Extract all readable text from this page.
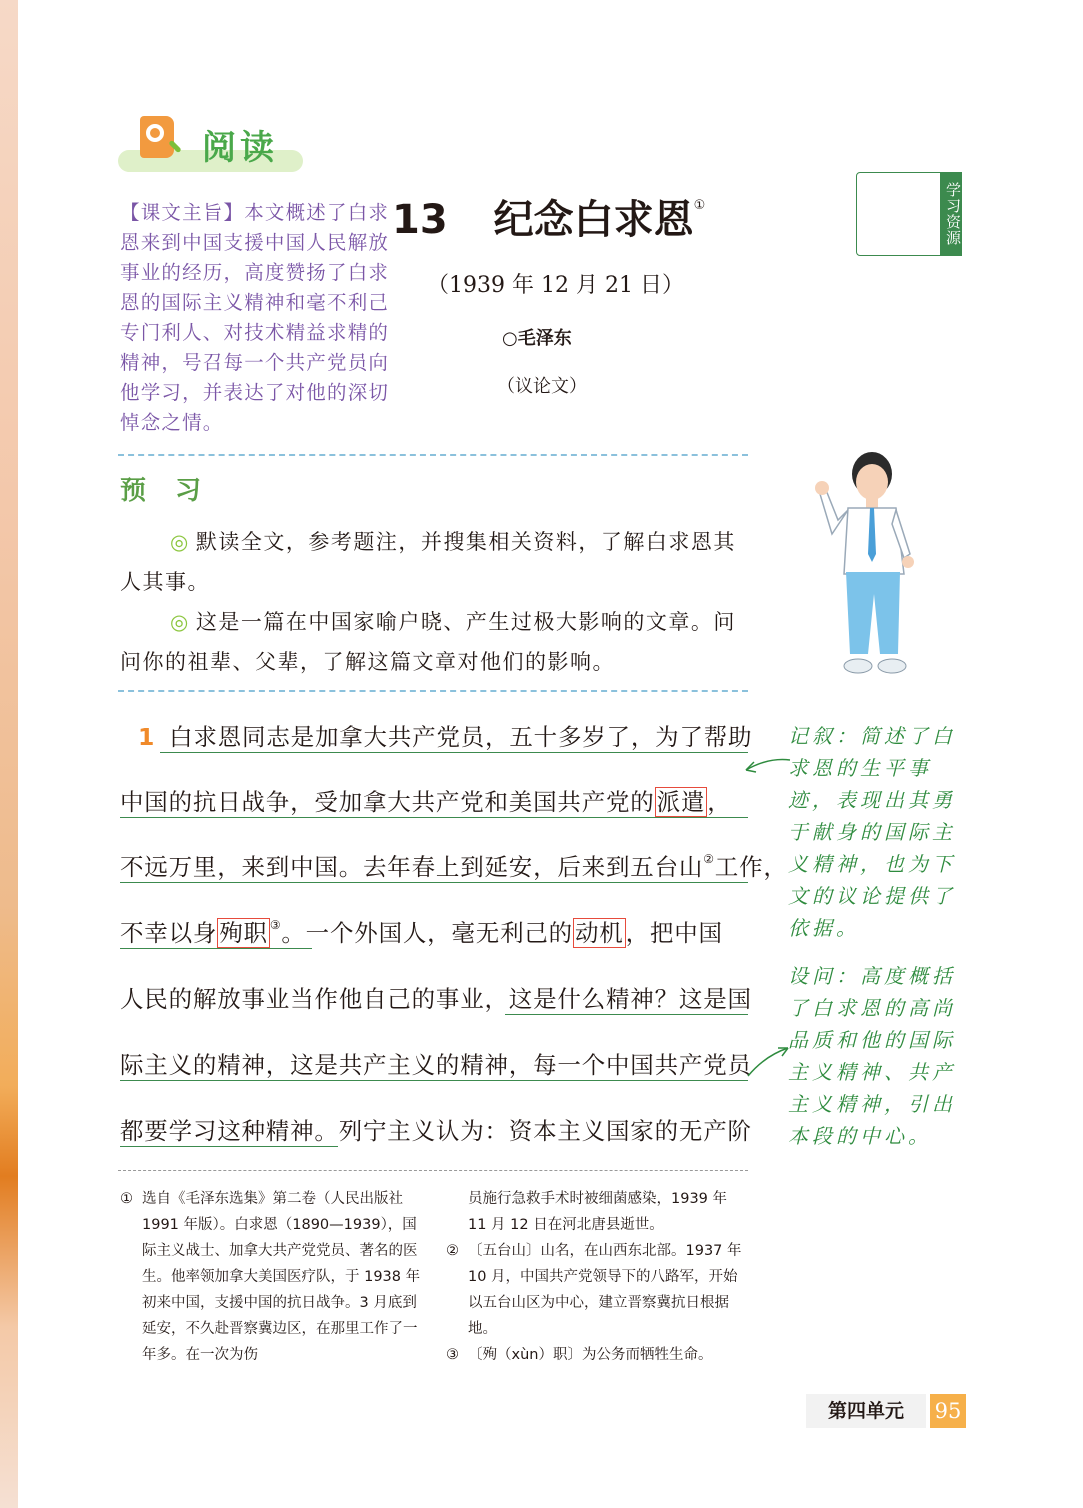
阅读
【课文主旨】本文概述了白求恩来到中国支援中国人民解放事业的经历，高度赞扬了白求恩的国际主义精神和毫不利己专门利人、对技术精益求精的精神，号召每一个共产党员向他学习，并表达了对他的深切悼念之情。
13 纪念白求恩①
（1939 年 12 月 21 日）
○毛泽东
（议论文）
学习资源
预 习
◎ 默读全文，参考题注，并搜集相关资料，了解白求恩其人其事。
◎ 这是一篇在中国家喻户晓、产生过极大影响的文章。问问你的祖辈、父辈，了解这篇文章对他们的影响。
1 白求恩同志是加拿大共产党员，五十多岁了，为了帮助
中国的抗日战争，受加拿大共产党和美国共产党的派遣，
不远万里，来到中国。去年春上到延安，后来到五台山②工作，
不幸以身殉职 ③。一个外国人，毫无利己的动机，把中国
人民的解放事业当作他自己的事业，这是什么精神？这是国
际主义的精神，这是共产主义的精神，每一个中国共产党员
都要学习这种精神。列宁主义认为：资本主义国家的无产阶
记叙：简述了白求恩的生平事迹，表现出其勇于献身的国际主义精神，也为下文的议论提供了依据。
设问：高度概括了白求恩的高尚品质和他的国际主义精神、共产主义精神，引出本段的中心。
① 选自《毛泽东选集》第二卷（人民出版社 1991 年版）。白求恩（1890—1939），国际主义战士、加拿大共产党党员、著名的医生。他率领加拿大美国医疗队，于 1938 年初来中国，支援中国的抗日战争。3 月底到延安，不久赴晋察冀边区，在那里工作了一年多。在一次为伤
员施行急救手术时被细菌感染，1939 年 11 月 12 日在河北唐县逝世。
② 〔五台山〕山名，在山西东北部。1937 年 10 月，中国共产党领导下的八路军，开始以五台山区为中心，建立晋察冀抗日根据地。
③ 〔殉（xùn）职〕为公务而牺牲生命。
第四单元	95
